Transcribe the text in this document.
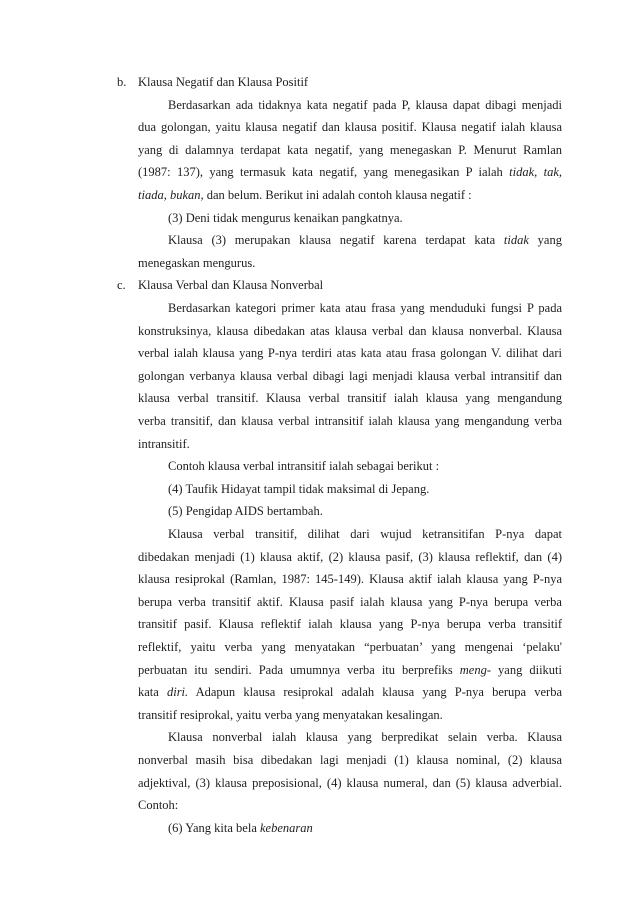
b. Klausa Negatif dan Klausa Positif
Berdasarkan ada tidaknya kata negatif pada P, klausa dapat dibagi menjadi
dua golongan, yaitu klausa negatif dan klausa positif. Klausa negatif ialah klausa
yang di dalamnya terdapat kata negatif, yang menegaskan P. Menurut Ramlan
(1987: 137), yang termasuk kata negatif, yang menegasikan P ialah tidak, tak,
tiada, bukan, dan belum. Berikut ini adalah contoh klausa negatif :
(3) Deni tidak mengurus kenaikan pangkatnya.
Klausa (3) merupakan klausa negatif karena terdapat kata tidak yang
menegaskan mengurus.
c. Klausa Verbal dan Klausa Nonverbal
Berdasarkan kategori primer kata atau frasa yang menduduki fungsi P pada
konstruksinya, klausa dibedakan atas klausa verbal dan klausa nonverbal. Klausa
verbal ialah klausa yang P-nya terdiri atas kata atau frasa golongan V. dilihat dari
golongan verbanya klausa verbal dibagi lagi menjadi klausa verbal intransitif dan
klausa verbal transitif. Klausa verbal transitif ialah klausa yang mengandung
verba transitif, dan klausa verbal intransitif ialah klausa yang mengandung verba
intransitif.
Contoh klausa verbal intransitif ialah sebagai berikut :
(4) Taufik Hidayat tampil tidak maksimal di Jepang.
(5) Pengidap AIDS bertambah.
Klausa verbal transitif, dilihat dari wujud ketransitifan P-nya dapat
dibedakan menjadi (1) klausa aktif, (2) klausa pasif, (3) klausa reflektif, dan (4)
klausa resiprokal (Ramlan, 1987: 145-149). Klausa aktif ialah klausa yang P-nya
berupa verba transitif aktif. Klausa pasif ialah klausa yang P-nya berupa verba
transitif pasif. Klausa reflektif ialah klausa yang P-nya berupa verba transitif
reflektif, yaitu verba yang menyatakan “perbuatan’ yang mengenai ‘pelaku'
perbuatan itu sendiri. Pada umumnya verba itu berprefiks meng- yang diikuti
kata diri. Adapun klausa resiprokal adalah klausa yang P-nya berupa verba
transitif resiprokal, yaitu verba yang menyatakan kesalingan.
Klausa nonverbal ialah klausa yang berpredikat selain verba. Klausa
nonverbal masih bisa dibedakan lagi menjadi (1) klausa nominal, (2) klausa
adjektival, (3) klausa preposisional, (4) klausa numeral, dan (5) klausa adverbial.
Contoh:
(6) Yang kita bela kebenaran
